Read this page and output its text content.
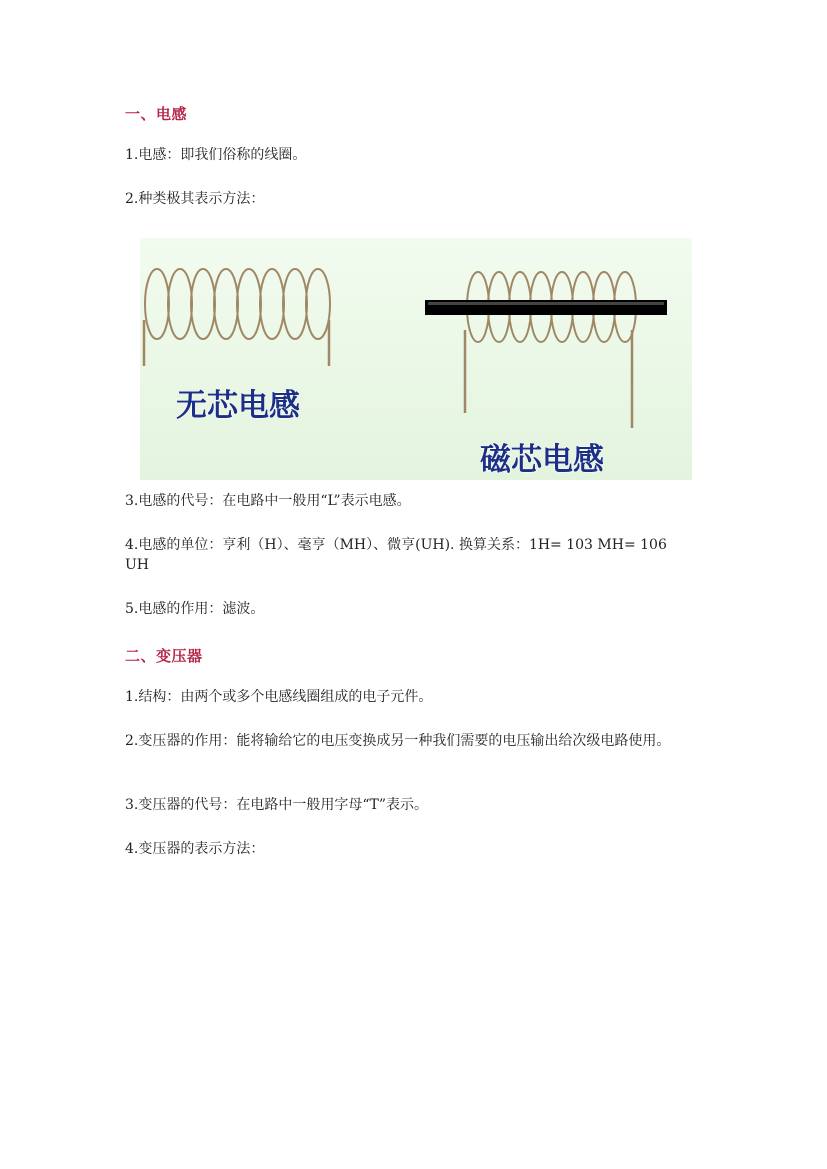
一、电感
1.电感：即我们俗称的线圈。
2.种类极其表示方法：
无芯电感
磁芯电感
3.电感的代号：在电路中一般用“L”表示电感。
4.电感的单位：亨利（H）、毫亨（MH）、微亨(UH). 换算关系：1H= 103 MH= 106 UH
5.电感的作用：滤波。
二、变压器
1.结构：由两个或多个电感线圈组成的电子元件。
2.变压器的作用：能将输给它的电压变换成另一种我们需要的电压输出给次级电路使用。
3.变压器的代号：在电路中一般用字母“T”表示。
4.变压器的表示方法：
